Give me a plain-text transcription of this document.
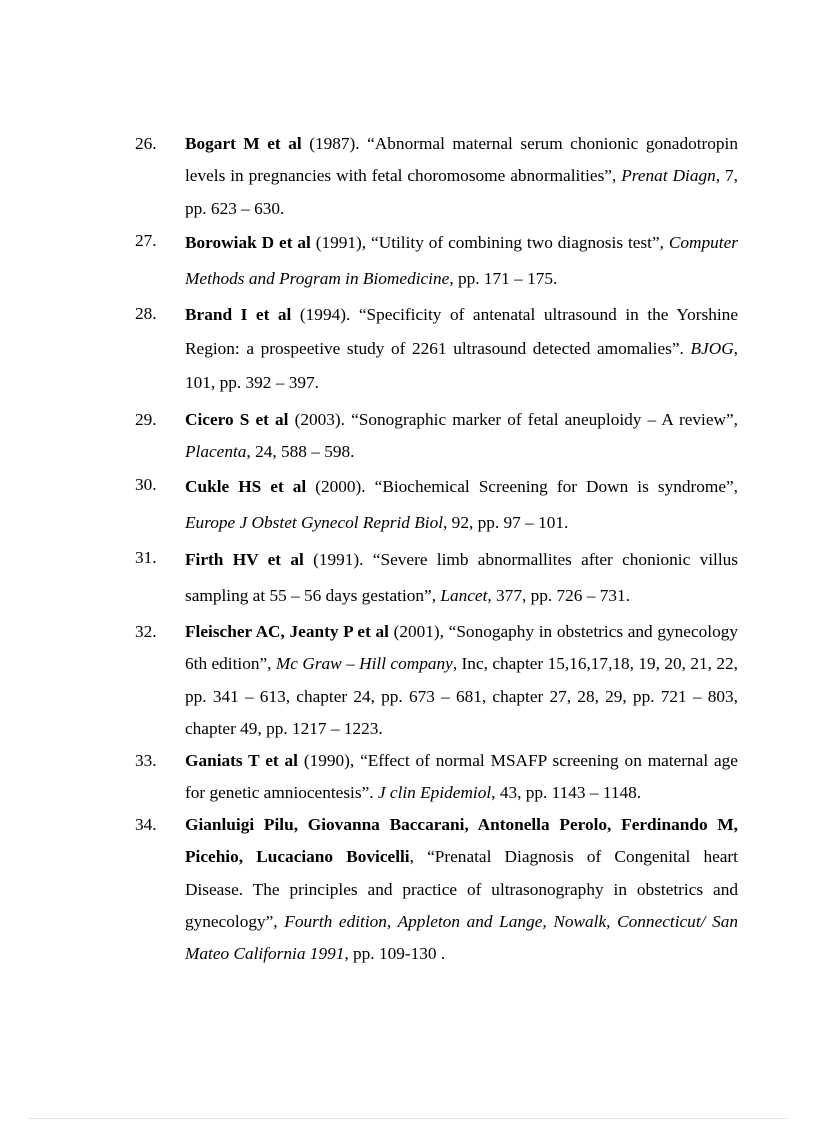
26. Bogart M et al (1987). “Abnormal maternal serum chonionic gonadotropin levels in pregnancies with fetal choromosome abnormalities”, Prenat Diagn, 7, pp. 623 – 630.
27. Borowiak D et al (1991), “Utility of combining two diagnosis test”, Computer Methods and Program in Biomedicine, pp. 171 – 175.
28. Brand I et al (1994). “Specificity of antenatal ultrasound in the Yorshine Region: a prospeetive study of 2261 ultrasound detected amomalies”. BJOG, 101, pp. 392 – 397.
29. Cicero S et al (2003). “Sonographic marker of fetal aneuploidy – A review”, Placenta, 24, 588 – 598.
30. Cukle HS et al (2000). “Biochemical Screening for Down is syndrome”, Europe J Obstet Gynecol Reprid Biol, 92, pp. 97 – 101.
31. Firth HV et al (1991). “Severe limb abnormallites after chonionic villus sampling at 55 – 56 days gestation”, Lancet, 377, pp. 726 – 731.
32. Fleischer AC, Jeanty P et al (2001), “Sonogaphy in obstetrics and gynecology 6th edition”, Mc Graw – Hill company, Inc, chapter 15,16,17,18, 19, 20, 21, 22, pp. 341 – 613, chapter 24, pp. 673 – 681, chapter 27, 28, 29, pp. 721 – 803, chapter 49, pp. 1217 – 1223.
33. Ganiats T et al (1990), “Effect of normal MSAFP screening on maternal age for genetic amniocentesis”. J clin Epidemiol, 43, pp. 1143 – 1148.
34. Gianluigi Pilu, Giovanna Baccarani, Antonella Perolo, Ferdinando M, Picehio, Lucaciano Bovicelli, “Prenatal Diagnosis of Congenital heart Disease. The principles and practice of ultrasonography in obstetrics and gynecology”, Fourth edition, Appleton and Lange, Nowalk, Connecticut/ San Mateo California 1991, pp. 109-130 .
